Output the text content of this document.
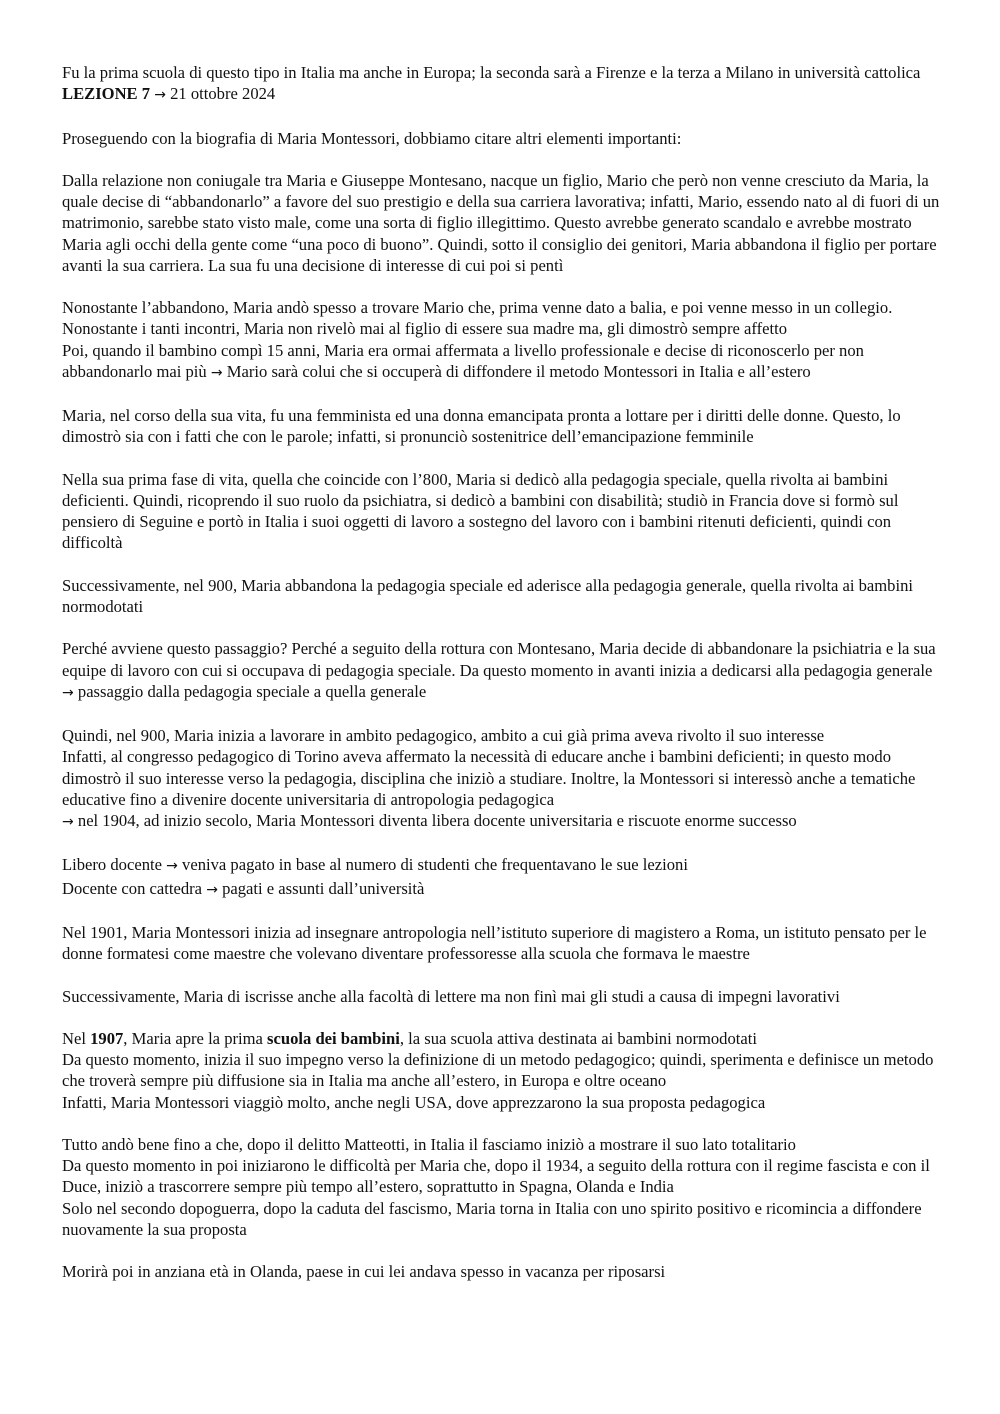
Fu la prima scuola di questo tipo in Italia ma anche in Europa; la seconda sarà a Firenze e la terza a Milano in università cattolica
LEZIONE 7 → 21 ottobre 2024
Proseguendo con la biografia di Maria Montessori, dobbiamo citare altri elementi importanti:
Dalla relazione non coniugale tra Maria e Giuseppe Montesano, nacque un figlio, Mario che però non venne cresciuto da Maria, la quale decise di “abbandonarlo” a favore del suo prestigio e della sua carriera lavorativa; infatti, Mario, essendo nato al di fuori di un matrimonio, sarebbe stato visto male, come una sorta di figlio illegittimo. Questo avrebbe generato scandalo e avrebbe mostrato Maria agli occhi della gente come “una poco di buono”. Quindi, sotto il consiglio dei genitori, Maria abbandona il figlio per portare avanti la sua carriera. La sua fu una decisione di interesse di cui poi si pentì
Nonostante l’abbandono, Maria andò spesso a trovare Mario che, prima venne dato a balia, e poi venne messo in un collegio. Nonostante i tanti incontri, Maria non rivelò mai al figlio di essere sua madre ma, gli dimostrò sempre affetto
Poi, quando il bambino compì 15 anni, Maria era ormai affermata a livello professionale e decise di riconoscerlo per non abbandonarlo mai più → Mario sarà colui che si occuperà di diffondere il metodo Montessori in Italia e all’estero
Maria, nel corso della sua vita, fu una femminista ed una donna emancipata pronta a lottare per i diritti delle donne. Questo, lo dimostrò sia con i fatti che con le parole; infatti, si pronunciò sostenitrice dell’emancipazione femminile
Nella sua prima fase di vita, quella che coincide con l’800, Maria si dedicò alla pedagogia speciale, quella rivolta ai bambini deficienti. Quindi, ricoprendo il suo ruolo da psichiatra, si dedicò a bambini con disabilità; studiò in Francia dove si formò sul pensiero di Seguine e portò in Italia i suoi oggetti di lavoro a sostegno del lavoro con i bambini ritenuti deficienti, quindi con difficoltà
Successivamente, nel 900, Maria abbandona la pedagogia speciale ed aderisce alla pedagogia generale, quella rivolta ai bambini normodotati
Perché avviene questo passaggio? Perché a seguito della rottura con Montesano, Maria decide di abbandonare la psichiatria e la sua equipe di lavoro con cui si occupava di pedagogia speciale. Da questo momento in avanti inizia a dedicarsi alla pedagogia generale → passaggio dalla pedagogia speciale a quella generale
Quindi, nel 900, Maria inizia a lavorare in ambito pedagogico, ambito a cui già prima aveva rivolto il suo interesse
Infatti, al congresso pedagogico di Torino aveva affermato la necessità di educare anche i bambini deficienti; in questo modo dimostrò il suo interesse verso la pedagogia, disciplina che iniziò a studiare. Inoltre, la Montessori si interessò anche a tematiche educative fino a divenire docente universitaria di antropologia pedagogica
→ nel 1904, ad inizio secolo, Maria Montessori diventa libera docente universitaria e riscuote enorme successo
Libero docente → veniva pagato in base al numero di studenti che frequentavano le sue lezioni
Docente con cattedra → pagati e assunti dall’università
Nel 1901, Maria Montessori inizia ad insegnare antropologia nell’istituto superiore di magistero a Roma, un istituto pensato per le donne formatesi come maestre che volevano diventare professoresse alla scuola che formava le maestre
Successivamente, Maria di iscrisse anche alla facoltà di lettere ma non finì mai gli studi a causa di impegni lavorativi
Nel 1907, Maria apre la prima scuola dei bambini, la sua scuola attiva destinata ai bambini normodotati
Da questo momento, inizia il suo impegno verso la definizione di un metodo pedagogico; quindi, sperimenta e definisce un metodo che troverà sempre più diffusione sia in Italia ma anche all’estero, in Europa e oltre oceano
Infatti, Maria Montessori viaggiò molto, anche negli USA, dove apprezzarono la sua proposta pedagogica
Tutto andò bene fino a che, dopo il delitto Matteotti, in Italia il fasciamo iniziò a mostrare il suo lato totalitario
Da questo momento in poi iniziarono le difficoltà per Maria che, dopo il 1934, a seguito della rottura con il regime fascista e con il Duce, iniziò a trascorrere sempre più tempo all’estero, soprattutto in Spagna, Olanda e India
Solo nel secondo dopoguerra, dopo la caduta del fascismo, Maria torna in Italia con uno spirito positivo e ricomincia a diffondere nuovamente la sua proposta
Morirà poi in anziana età in Olanda, paese in cui lei andava spesso in vacanza per riposarsi
